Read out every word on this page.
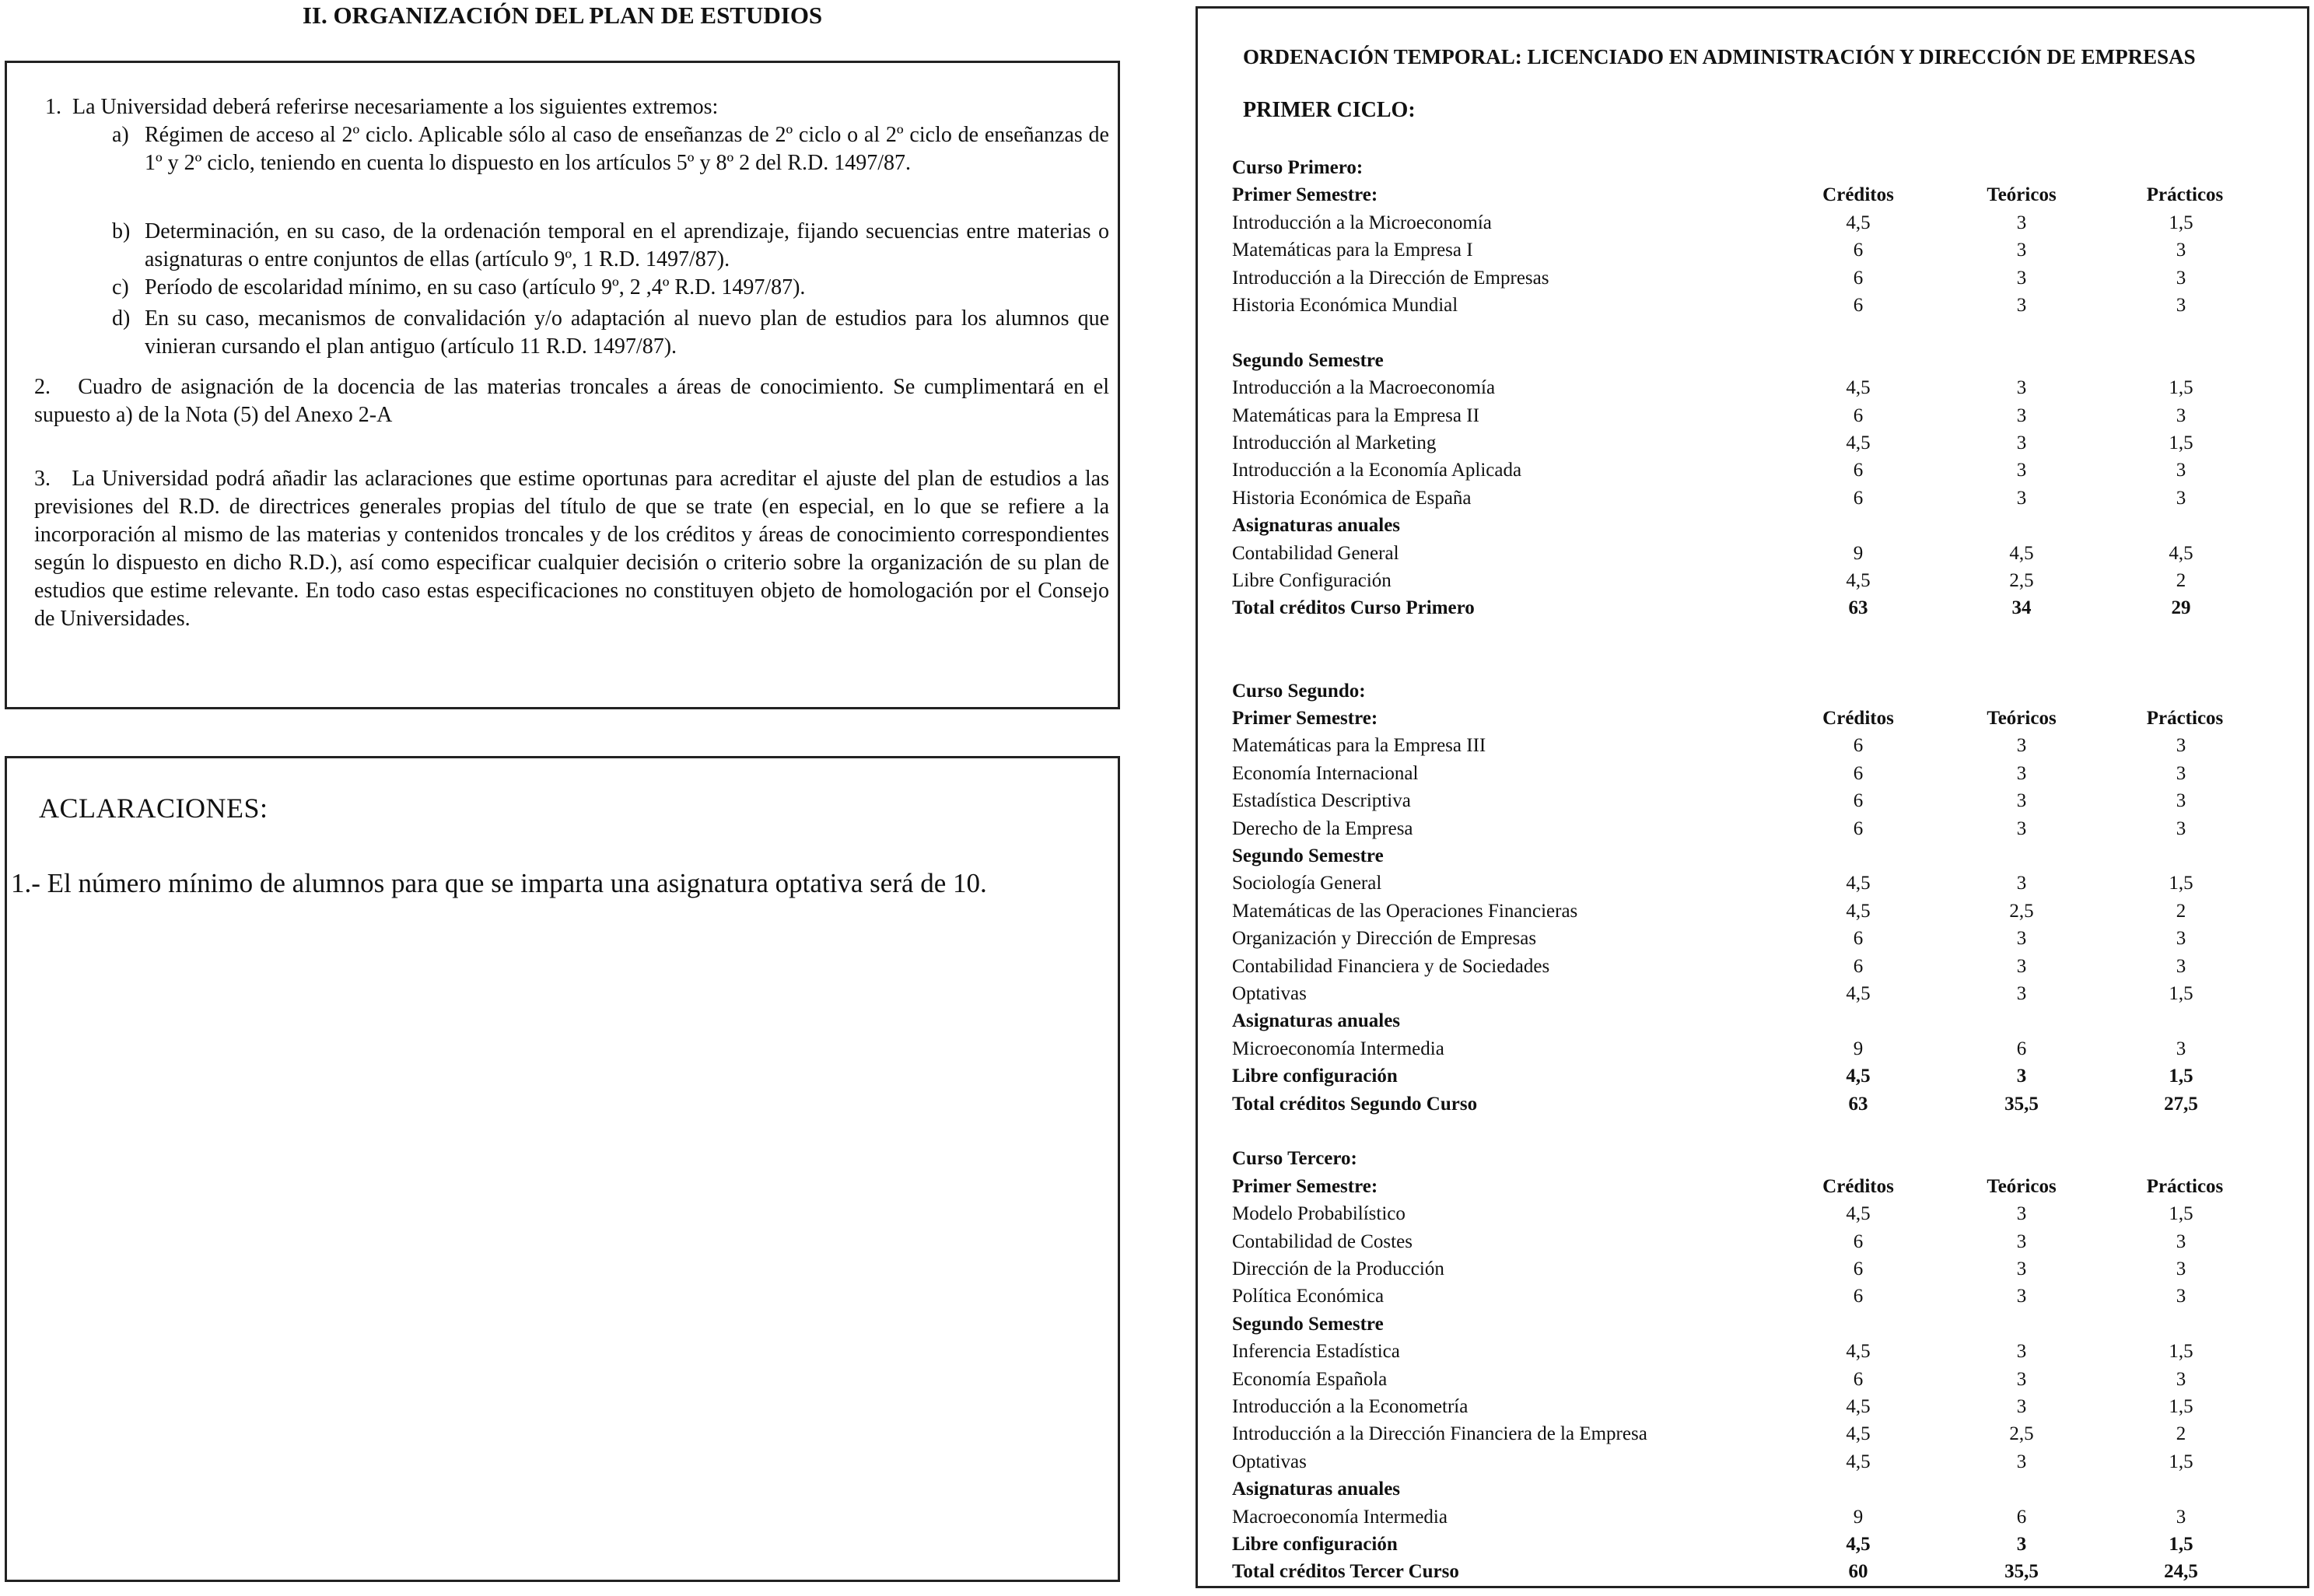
II. ORGANIZACIÓN DEL PLAN DE ESTUDIOS
1. La Universidad deberá referirse necesariamente a los siguientes extremos:
a) Régimen de acceso al 2º ciclo. Aplicable sólo al caso de enseñanzas de 2º ciclo o al 2º ciclo de enseñanzas de 1º y 2º ciclo, teniendo en cuenta lo dispuesto en los artículos 5º y 8º 2 del R.D. 1497/87.
b) Determinación, en su caso, de la ordenación temporal en el aprendizaje, fijando secuencias entre materias o asignaturas o entre conjuntos de ellas (artículo 9º, 1 R.D. 1497/87).
c) Período de escolaridad mínimo, en su caso (artículo 9º, 2 ,4º R.D. 1497/87).
d) En su caso, mecanismos de convalidación y/o adaptación al nuevo plan de estudios para los alumnos que vinieran cursando el plan antiguo (artículo 11 R.D. 1497/87).
2. Cuadro de asignación de la docencia de las materias troncales a áreas de conocimiento. Se cumplimentará en el supuesto a) de la Nota (5) del Anexo 2-A
3. La Universidad podrá añadir las aclaraciones que estime oportunas para acreditar el ajuste del plan de estudios a las previsiones del R.D. de directrices generales propias del título de que se trate (en especial, en lo que se refiere a la incorporación al mismo de las materias y contenidos troncales y de los créditos y áreas de conocimiento correspondientes según lo dispuesto en dicho R.D.), así como especificar cualquier decisión o criterio sobre la organización de su plan de estudios que estime relevante. En todo caso estas especificaciones no constituyen objeto de homologación por el Consejo de Universidades.
ACLARACIONES:
1.- El número mínimo de alumnos para que se imparta una asignatura optativa será de 10.
ORDENACIÓN TEMPORAL: LICENCIADO EN ADMINISTRACIÓN Y DIRECCIÓN DE EMPRESAS
PRIMER CICLO:
Curso Primero:
Primer Semestre:	Créditos	Teóricos	Prácticos
Introducción a la Microeconomía	4,5	3	1,5
Matemáticas para la Empresa I	6	3	3
Introducción a la Dirección de Empresas	6	3	3
Historia Económica Mundial	6	3	3
Segundo Semestre
Introducción a la Macroeconomía	4,5	3	1,5
Matemáticas para la Empresa II	6	3	3
Introducción al Marketing	4,5	3	1,5
Introducción a la Economía Aplicada	6	3	3
Historia Económica de España	6	3	3
Asignaturas anuales
Contabilidad General	9	4,5	4,5
Libre Configuración	4,5	2,5	2
Total créditos Curso Primero	63	34	29
Curso Segundo:
Primer Semestre:	Créditos	Teóricos	Prácticos
Matemáticas para la Empresa III	6	3	3
Economía Internacional	6	3	3
Estadística Descriptiva	6	3	3
Derecho de la Empresa	6	3	3
Segundo Semestre
Sociología General	4,5	3	1,5
Matemáticas de las Operaciones Financieras	4,5	2,5	2
Organización y Dirección de Empresas	6	3	3
Contabilidad Financiera y de Sociedades	6	3	3
Optativas	4,5	3	1,5
Asignaturas anuales
Microeconomía Intermedia	9	6	3
Libre configuración	4,5	3	1,5
Total créditos Segundo Curso	63	35,5	27,5
Curso Tercero:
Primer Semestre:	Créditos	Teóricos	Prácticos
Modelo Probabilístico	4,5	3	1,5
Contabilidad de Costes	6	3	3
Dirección de la Producción	6	3	3
Política Económica	6	3	3
Segundo Semestre
Inferencia Estadística	4,5	3	1,5
Economía Española	6	3	3
Introducción a la Econometría	4,5	3	1,5
Introducción a la Dirección Financiera de la Empresa	4,5	2,5	2
Optativas	4,5	3	1,5
Asignaturas anuales
Macroeconomía Intermedia	9	6	3
Libre configuración	4,5	3	1,5
Total créditos Tercer Curso	60	35,5	24,5
